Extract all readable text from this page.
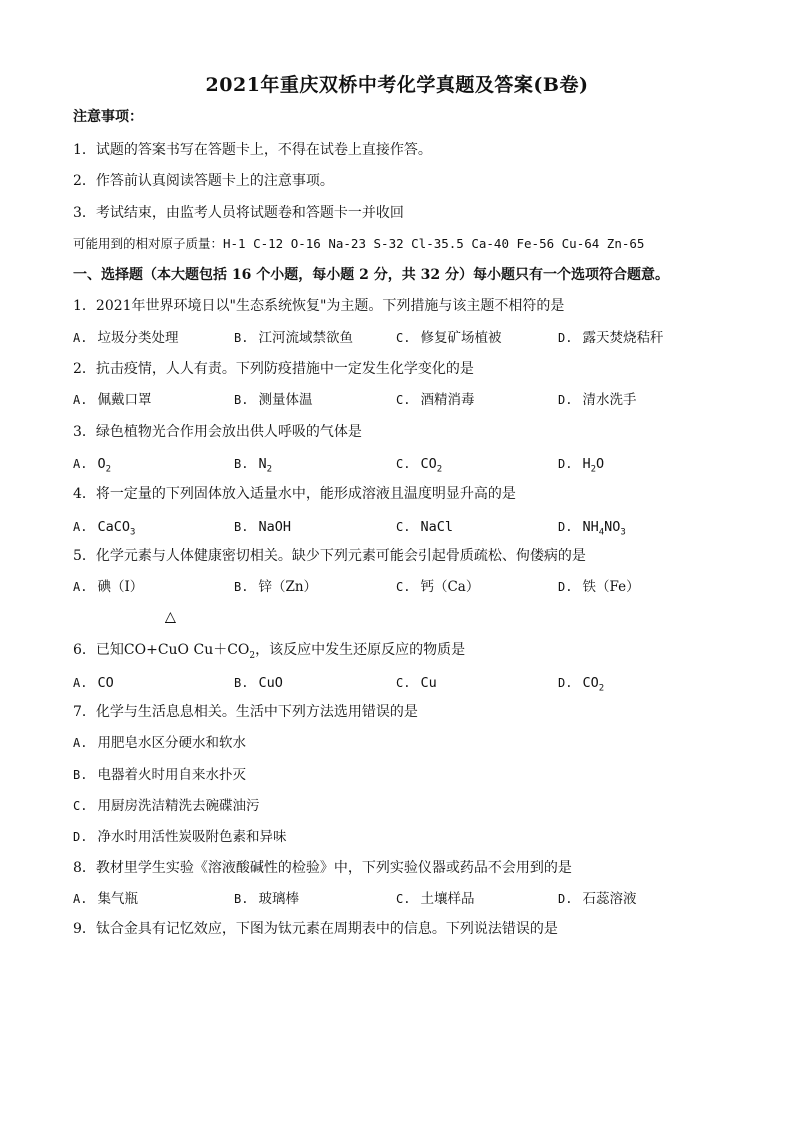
2021年重庆双桥中考化学真题及答案(B卷)
注意事项：
1．试题的答案书写在答题卡上，不得在试卷上直接作答。
2．作答前认真阅读答题卡上的注意事项。
3．考试结束，由监考人员将试题卷和答题卡一并收回
可能用到的相对原子质量：H-1 C-12 O-16 Na-23 S-32 Cl-35.5 Ca-40 Fe-56 Cu-64 Zn-65
一、选择题（本大题包括 16 个小题，每小题 2 分，共 32 分）每小题只有一个选项符合题意。
1．2021年世界环境日以"生态系统恢复"为主题。下列措施与该主题不相符的是
A. 垃圾分类处理	B. 江河流域禁欲鱼	C. 修复矿场植被	D. 露天焚烧秸秆
2．抗击疫情，人人有责。下列防疫措施中一定发生化学变化的是
A. 佩戴口罩	B. 测量体温	C. 酒精消毒	D. 清水洗手
3．绿色植物光合作用会放出供人呼吸的气体是
A. $O_2$	B. $N_2$	C. $CO_2$	D. $H_2O$
4．将一定量的下列固体放入适量水中，能形成溶液且温度明显升高的是
A. CaCO$_3$	B. NaOH	C. NaCl	D. $NH_4NO_3$
5．化学元素与人体健康密切相关。缺少下列元素可能会引起骨质疏松、佝偻病的是
A. 碘（I）	B. 锌（Zn）	C. 钙（Ca）	D. 铁（Fe）
△
6．已知CO+CuO $Cu+CO_2$，该反应中发生还原反应的物质是
A. CO	B. CuO	C. Cu	D. $CO_2$
7．化学与生活息息相关。生活中下列方法选用错误的是
A. 用肥皂水区分硬水和软水
B. 电器着火时用自来水扑灭
C. 用厨房洗洁精洗去碗碟油污
D. 净水时用活性炭吸附色素和异味
8．教材里学生实验《溶液酸碱性的检验》中，下列实验仪器或药品不会用到的是
A. 集气瓶	B. 玻璃棒	C. 土壤样品	D. 石蕊溶液
9．钛合金具有记忆效应，下图为钛元素在周期表中的信息。下列说法错误的是
